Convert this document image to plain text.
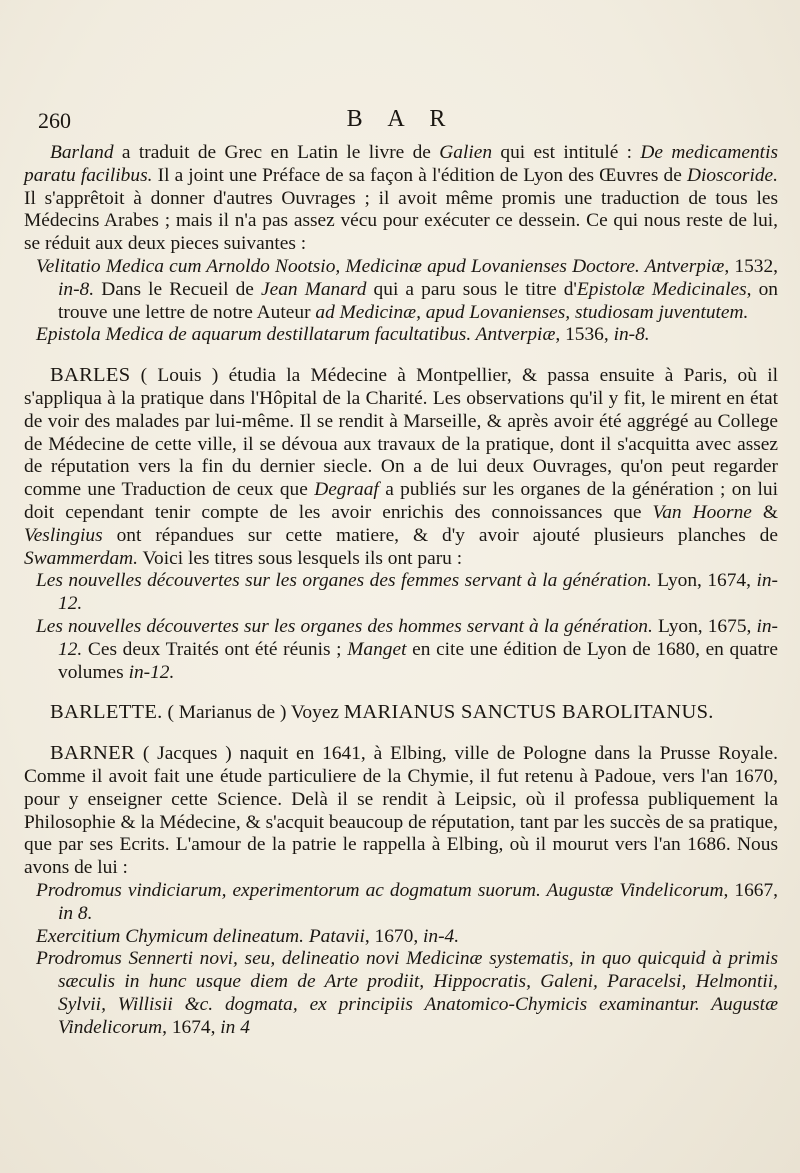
260	B A R

Barland a traduit de Grec en Latin le livre de Galien qui est intitulé : De medicamentis paratu facilibus. Il a joint une Préface de sa façon à l'édition de Lyon des Œuvres de Dioscoride. Il s'apprêtoit à donner d'autres Ouvrages ; il avoit même promis une traduction de tous les Médecins Arabes ; mais il n'a pas assez vécu pour exécuter ce dessein. Ce qui nous reste de lui, se réduit aux deux pieces suivantes :

Velitatio Medica cum Arnoldo Nootsio, Medicinæ apud Lovanienses Doctore. Antverpiæ, 1532, in-8. Dans le Recueil de Jean Manard qui a paru sous le titre d'Epistolæ Medicinales, on trouve une lettre de notre Auteur ad Medicinæ, apud Lovanienses, studiosam juventutem.

Epistola Medica de aquarum destillatarum facultatibus. Antverpiæ, 1536, in-8.

BARLES ( Louis ) étudia la Médecine à Montpellier, & passa ensuite à Paris, où il s'appliqua à la pratique dans l'Hôpital de la Charité. Les observations qu'il y fit, le mirent en état de voir des malades par lui-même. Il se rendit à Marseille, & après avoir été aggrégé au College de Médecine de cette ville, il se dévoua aux travaux de la pratique, dont il s'acquitta avec assez de réputation vers la fin du dernier siecle. On a de lui deux Ouvrages, qu'on peut regarder comme une Traduction de ceux que Degraaf a publiés sur les organes de la génération ; on lui doit cependant tenir compte de les avoir enrichis des connoissances que Van Hoorne & Veslingius ont répandues sur cette matiere, & d'y avoir ajouté plusieurs planches de Swammerdam. Voici les titres sous lesquels ils ont paru :

Les nouvelles découvertes sur les organes des femmes servant à la génération. Lyon, 1674, in-12.

Les nouvelles découvertes sur les organes des hommes servant à la génération. Lyon, 1675, in-12. Ces deux Traités ont été réunis ; Manget en cite une édition de Lyon de 1680, en quatre volumes in-12.

BARLETTE. ( Marianus de ) Voyez MARIANUS SANCTUS BAROLITANUS.

BARNER ( Jacques ) naquit en 1641, à Elbing, ville de Pologne dans la Prusse Royale. Comme il avoit fait une étude particuliere de la Chymie, il fut retenu à Padoue, vers l'an 1670, pour y enseigner cette Science. Delà il se rendit à Leipsic, où il professa publiquement la Philosophie & la Médecine, & s'acquit beaucoup de réputation, tant par les succès de sa pratique, que par ses Ecrits. L'amour de la patrie le rappella à Elbing, où il mourut vers l'an 1686. Nous avons de lui :

Prodromus vindiciarum, experimentorum ac dogmatum suorum. Augustæ Vindelicorum, 1667, in 8.

Exercitium Chymicum delineatum. Patavii, 1670, in-4.

Prodromus Sennerti novi, seu, delineatio novi Medicinæ systematis, in quo quicquid à primis sæculis in hunc usque diem de Arte prodiit, Hippocratis, Galeni, Paracelsi, Helmontii, Sylvii, Willisii &c. dogmata, ex principiis Anatomico-Chymicis examinantur. Augustæ Vindelicorum, 1674, in 4
